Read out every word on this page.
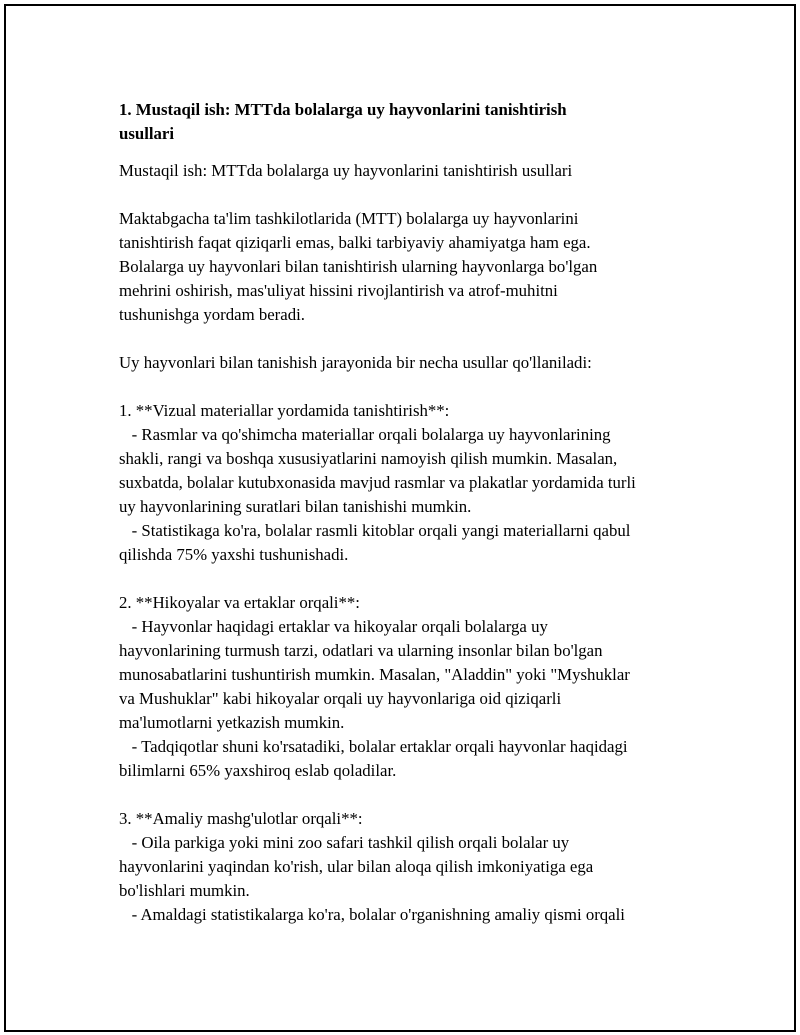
1. Mustaqil ish: MTTda bolalarga uy hayvonlarini tanishtirish
usullari

Mustaqil ish: MTTda bolalarga uy hayvonlarini tanishtirish usullari

Maktabgacha ta'lim tashkilotlarida (MTT) bolalarga uy hayvonlarini
tanishtirish faqat qiziqarli emas, balki tarbiyaviy ahamiyatga ham ega.
Bolalarga uy hayvonlari bilan tanishtirish ularning hayvonlarga bo'lgan
mehrini oshirish, mas'uliyat hissini rivojlantirish va atrof-muhitni
tushunishga yordam beradi.
Uy hayvonlari bilan tanishish jarayonida bir necha usullar qo'llaniladi:
1. **Vizual materiallar yordamida tanishtirish**:
- Rasmlar va qo'shimcha materiallar orqali bolalarga uy hayvonlarining
shakli, rangi va boshqa xususiyatlarini namoyish qilish mumkin. Masalan,
suxbatda, bolalar kutubxonasida mavjud rasmlar va plakatlar yordamida turli
uy hayvonlarining suratlari bilan tanishishi mumkin.
- Statistikaga ko'ra, bolalar rasmli kitoblar orqali yangi materiallarni qabul
qilishda 75% yaxshi tushunishadi.
2. **Hikoyalar va ertaklar orqali**:
- Hayvonlar haqidagi ertaklar va hikoyalar orqali bolalarga uy
hayvonlarining turmush tarzi, odatlari va ularning insonlar bilan bo'lgan
munosabatlarini tushuntirish mumkin. Masalan, "Aladdin" yoki "Myshuklar
va Mushuklar" kabi hikoyalar orqali uy hayvonlariga oid qiziqarli
ma'lumotlarni yetkazish mumkin.
- Tadqiqotlar shuni ko'rsatadiki, bolalar ertaklar orqali hayvonlar haqidagi
bilimlarni 65% yaxshiroq eslab qoladilar.
3. **Amaliy mashg'ulotlar orqali**:
- Oila parkiga yoki mini zoo safari tashkil qilish orqali bolalar uy
hayvonlarini yaqindan ko'rish, ular bilan aloqa qilish imkoniyatiga ega
bo'lishlari mumkin.
- Amaldagi statistikalarga ko'ra, bolalar o'rganishning amaliy qismi orqali
